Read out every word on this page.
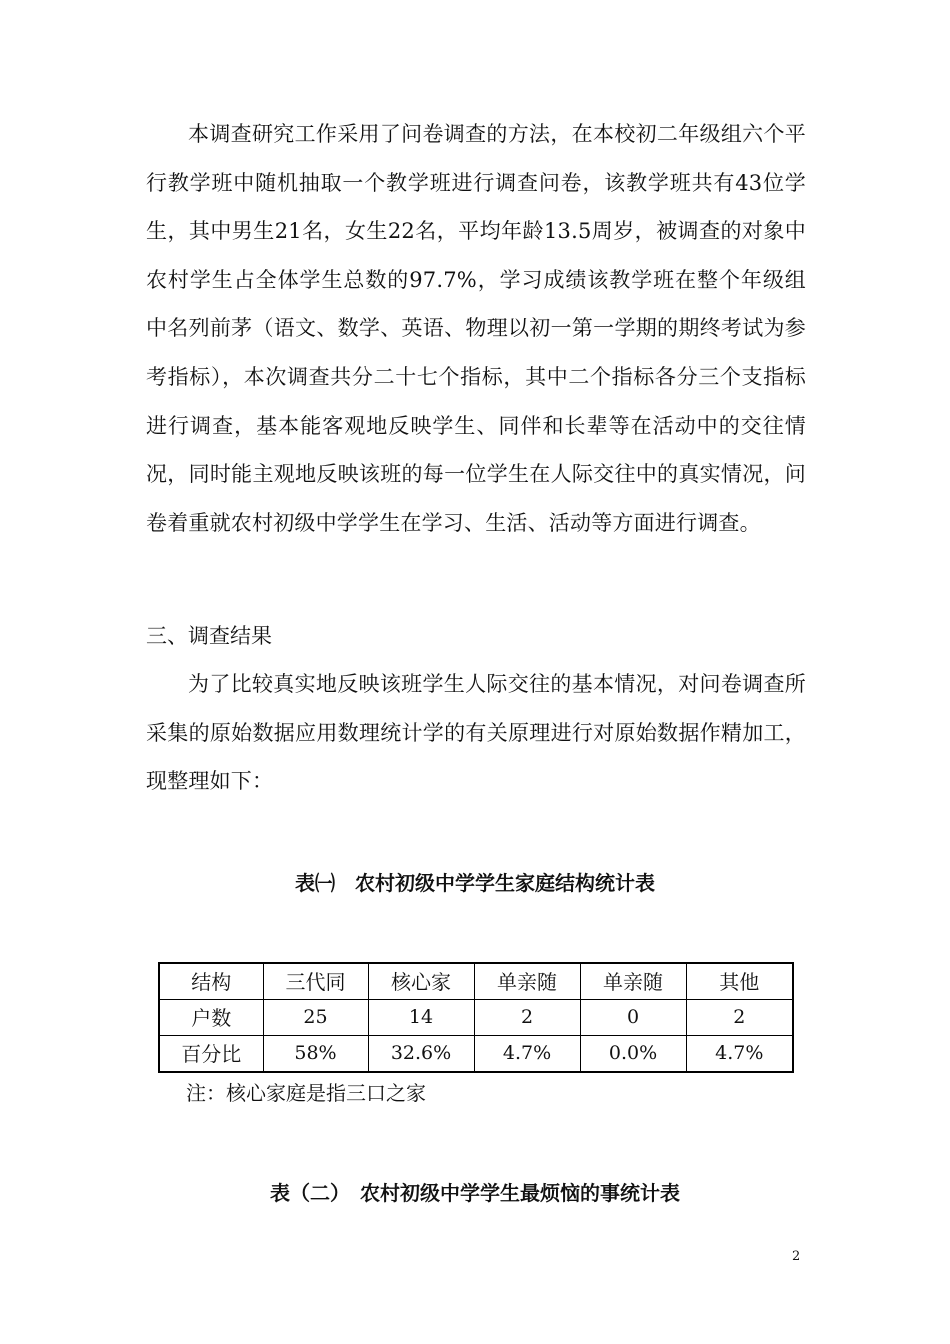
本调查研究工作采用了问卷调查的方法，在本校初二年级组六个平行教学班中随机抽取一个教学班进行调查问卷，该教学班共有43位学生，其中男生21名，女生22名，平均年龄13.5周岁，被调查的对象中农村学生占全体学生总数的97.7%，学习成绩该教学班在整个年级组中名列前茅（语文、数学、英语、物理以初一第一学期的期终考试为参考指标），本次调查共分二十七个指标，其中二个指标各分三个支指标进行调查，基本能客观地反映学生、同伴和长辈等在活动中的交往情况，同时能主观地反映该班的每一位学生在人际交往中的真实情况，问卷着重就农村初级中学学生在学习、生活、活动等方面进行调查。

三、调查结果

为了比较真实地反映该班学生人际交往的基本情况，对问卷调查所采集的原始数据应用数理统计学的有关原理进行对原始数据作精加工，现整理如下：

表㈠　农村初级中学学生家庭结构统计表

结构	三代同	核心家	单亲随	单亲随	其他
户数	25	14	2	0	2
百分比	58%	32.6%	4.7%	0.0%	4.7%

注：核心家庭是指三口之家

表（二）　农村初级中学学生最烦恼的事统计表

2
